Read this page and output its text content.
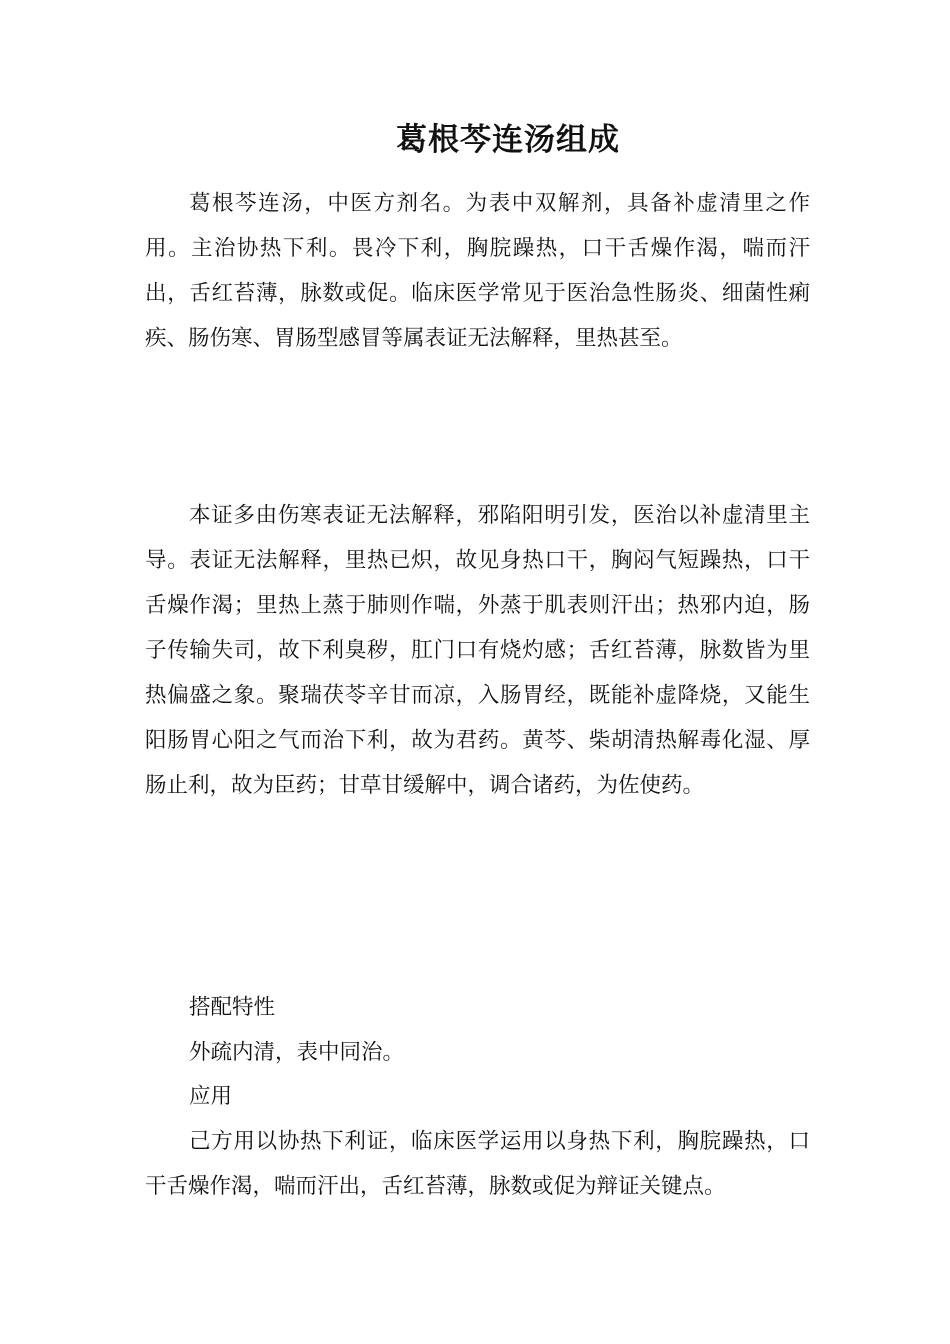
葛根芩连汤组成

葛根芩连汤，中医方剂名。为表中双解剂，具备补虚清里之作用。主治协热下利。畏冷下利，胸脘躁热，口干舌燥作渴，喘而汗出，舌红苔薄，脉数或促。临床医学常见于医治急性肠炎、细菌性痢疾、肠伤寒、胃肠型感冒等属表证无法解释，里热甚至。

本证多由伤寒表证无法解释，邪陷阳明引发，医治以补虚清里主导。表证无法解释，里热已炽，故见身热口干，胸闷气短躁热，口干舌燥作渴；里热上蒸于肺则作喘，外蒸于肌表则汗出；热邪内迫，肠子传输失司，故下利臭秽，肛门口有烧灼感；舌红苔薄，脉数皆为里热偏盛之象。聚瑞茯苓辛甘而凉，入肠胃经，既能补虚降烧，又能生阳肠胃心阳之气而治下利，故为君药。黄芩、柴胡清热解毒化湿、厚肠止利，故为臣药；甘草甘缓解中，调合诸药，为佐使药。

搭配特性

外疏内清，表中同治。

应用

己方用以协热下利证，临床医学运用以身热下利，胸脘躁热，口干舌燥作渴，喘而汗出，舌红苔薄，脉数或促为辩证关键点。
